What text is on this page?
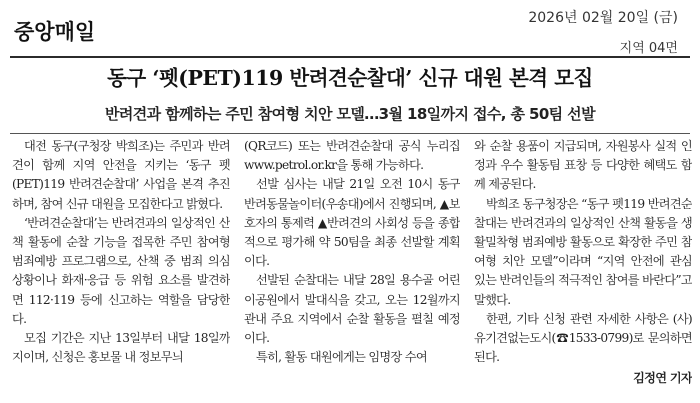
중앙매일
2026년 02월 20일 (금)
지역 04면
동구 ‘펫(PET)119 반려견순찰대’ 신규 대원 본격 모집
반려견과 함께하는 주민 참여형 치안 모델…3월 18일까지 접수, 총 50팀 선발

대전 동구(구청장 박희조)는 주민과 반려견이 함께 지역 안전을 지키는 ‘동구 펫(PET)119 반려견순찰대’ 사업을 본격 추진하며, 참여 신규 대원을 모집한다고 밝혔다.

‘반려견순찰대’는 반려견과의 일상적인 산책 활동에 순찰 기능을 접목한 주민 참여형 범죄예방 프로그램으로, 산책 중 범죄 의심 상황이나 화재·응급 등 위험 요소를 발견하면 112·119 등에 신고하는 역할을 담당한다.

모집 기간은 지난 13일부터 내달 18일까지이며, 신청은 홍보물 내 정보무늬

(QR코드) 또는 반려견순찰대 공식 누리집www.petrol.or.kr을 통해 가능하다.

선발 심사는 내달 21일 오전 10시 동구 반려동물놀이터(우송대)에서 진행되며, ▲보호자의 통제력 ▲반려견의 사회성 등을 종합적으로 평가해 약 50팀을 최종 선발할 계획이다.

선발된 순찰대는 내달 28일 용수골 어린이공원에서 발대식을 갖고, 오는 12월까지 관내 주요 지역에서 순찰 활동을 펼칠 예정이다.

특히, 활동 대원에게는 임명장 수여

와 순찰 용품이 지급되며, 자원봉사 실적 인정과 우수 활동팀 표창 등 다양한 혜택도 함께 제공된다.

박희조 동구청장은 “동구 펫119 반려견순찰대는 반려견과의 일상적인 산책 활동을 생활밀착형 범죄예방 활동으로 확장한 주민 참여형 치안 모델”이라며 “지역 안전에 관심 있는 반려인들의 적극적인 참여를 바란다”고 말했다.

한편, 기타 신청 관련 자세한 사항은 (사)유기견없는도시(☎1533-0799)로 문의하면 된다.

김정연 기자
